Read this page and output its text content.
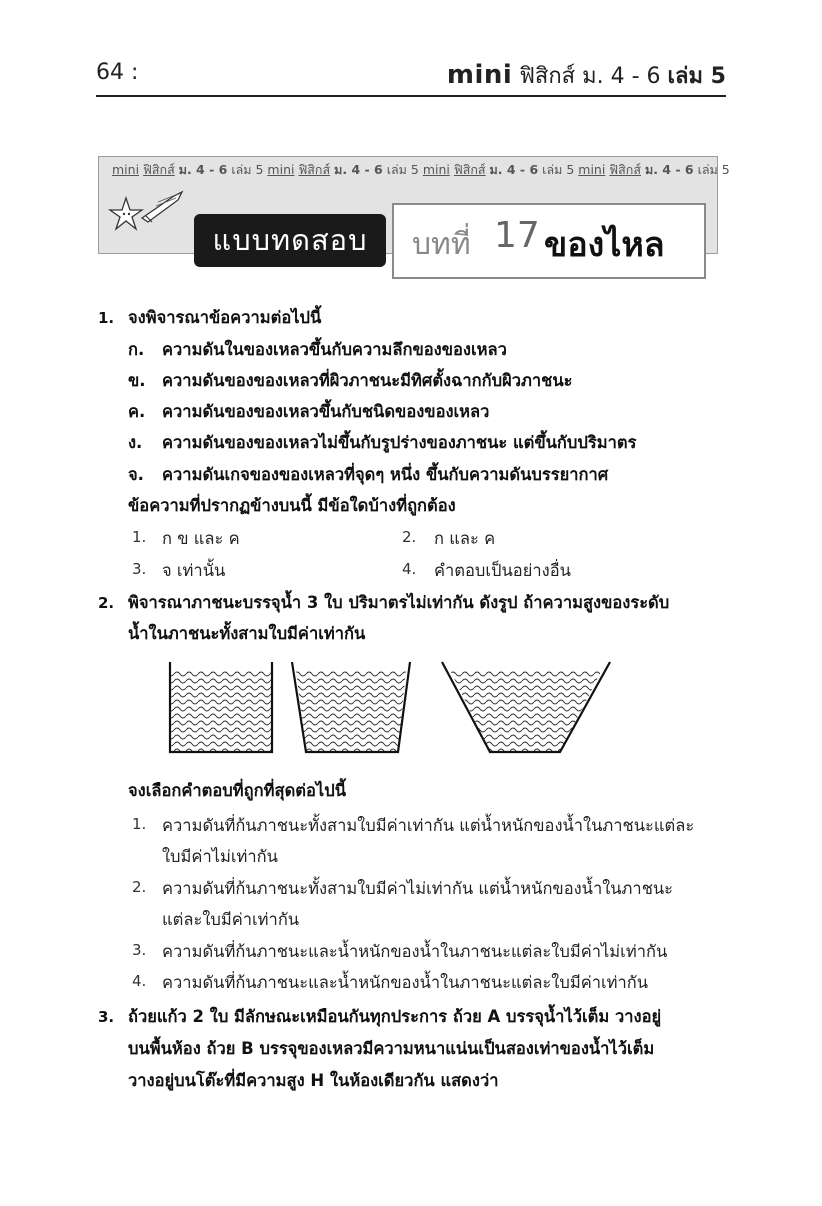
64 :	mini ฟิสิกส์ ม. 4 - 6 เล่ม 5
mini ฟิสิกส์ ม. 4 - 6 เล่ม 5 mini ฟิสิกส์ ม. 4 - 6 เล่ม 5 mini ฟิสิกส์ ม. 4 - 6 เล่ม 5 mini ฟิสิกส์ ม. 4 - 6 เล่ม 5
แบบทดสอบ	บทที่ 17 ของไหล
1. จงพิจารณาข้อความต่อไปนี้
ก. ความดันในของเหลวขึ้นกับความลึกของของเหลว
ข. ความดันของของเหลวที่ผิวภาชนะมีทิศตั้งฉากกับผิวภาชนะ
ค. ความดันของของเหลวขึ้นกับชนิดของของเหลว
ง. ความดันของของเหลวไม่ขึ้นกับรูปร่างของภาชนะ แต่ขึ้นกับปริมาตร
จ. ความดันเกจของของเหลวที่จุดๆ หนึ่ง ขึ้นกับความดันบรรยากาศ
ข้อความที่ปรากฏข้างบนนี้ มีข้อใดบ้างที่ถูกต้อง
1. ก ข และ ค	2. ก และ ค
3. จ เท่านั้น	4. คำตอบเป็นอย่างอื่น
2. พิจารณาภาชนะบรรจุน้ำ 3 ใบ ปริมาตรไม่เท่ากัน ดังรูป ถ้าความสูงของระดับ
น้ำในภาชนะทั้งสามใบมีค่าเท่ากัน
จงเลือกคำตอบที่ถูกที่สุดต่อไปนี้
1. ความดันที่ก้นภาชนะทั้งสามใบมีค่าเท่ากัน แต่น้ำหนักของน้ำในภาชนะแต่ละ
ใบมีค่าไม่เท่ากัน
2. ความดันที่ก้นภาชนะทั้งสามใบมีค่าไม่เท่ากัน แต่น้ำหนักของน้ำในภาชนะ
แต่ละใบมีค่าเท่ากัน
3. ความดันที่ก้นภาชนะและน้ำหนักของน้ำในภาชนะแต่ละใบมีค่าไม่เท่ากัน
4. ความดันที่ก้นภาชนะและน้ำหนักของน้ำในภาชนะแต่ละใบมีค่าเท่ากัน
3. ถ้วยแก้ว 2 ใบ มีลักษณะเหมือนกันทุกประการ ถ้วย A บรรจุน้ำไว้เต็ม วางอยู่
บนพื้นห้อง ถ้วย B บรรจุของเหลวมีความหนาแน่นเป็นสองเท่าของน้ำไว้เต็ม
วางอยู่บนโต๊ะที่มีความสูง H ในห้องเดียวกัน แสดงว่า
